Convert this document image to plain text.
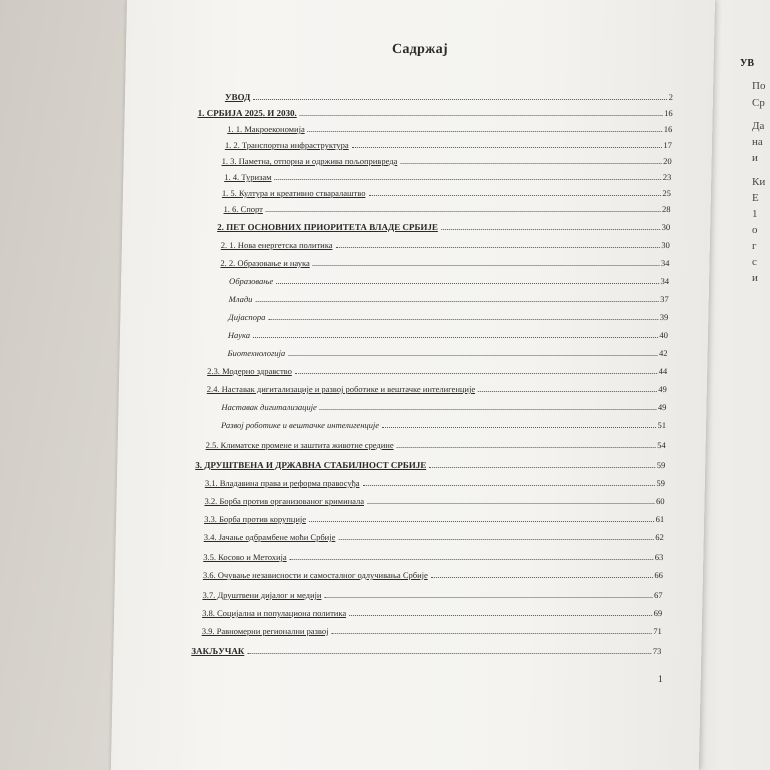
УВ
По
Ср
Да
на
и
Ки
Е
1
о
г
с
и
Садржај
УВОД	2
1. СРБИЈА 2025. И 2030.	16
1. 1. Макроекономија	16
1. 2. Транспортна инфраструктура	17
1. 3. Паметна, отпорна и одржива пољопривреда	20
1. 4. Туризам	23
1. 5. Култура и креативно стваралаштво	25
1. 6. Спорт	28
2. ПЕТ ОСНОВНИХ ПРИОРИТЕТА ВЛАДЕ СРБИЈЕ	30
2. 1. Нова енергетска политика	30
2. 2. Образовање и наука	34
Образовање	34
Млади	37
Дијаспора	39
Наука	40
Биотехнологија	42
2.3. Модерно здравство	44
2.4. Наставак дигитализације и развој роботике и вештачке интелигенције	49
Наставак дигитализације	49
Развој роботике и вештачке интелигенције	51
2.5. Климатске промене и заштита животне средине	54
3. ДРУШТВЕНА И ДРЖАВНА СТАБИЛНОСТ СРБИЈЕ	59
3.1. Владавина права и реформа правосуђа	59
3.2. Борба против организованог криминала	60
3.3. Борба против корупције	61
3.4. Јачање одбрамбене моћи Србије	62
3.5. Косово и Метохија	63
3.6. Очување независности и самосталног одлучивања Србије	66
3.7. Друштвени дијалог и медији	67
3.8. Социјална и популациона политика	69
3.9. Равномерни регионални развој	71
ЗАКЉУЧАК	73
1
